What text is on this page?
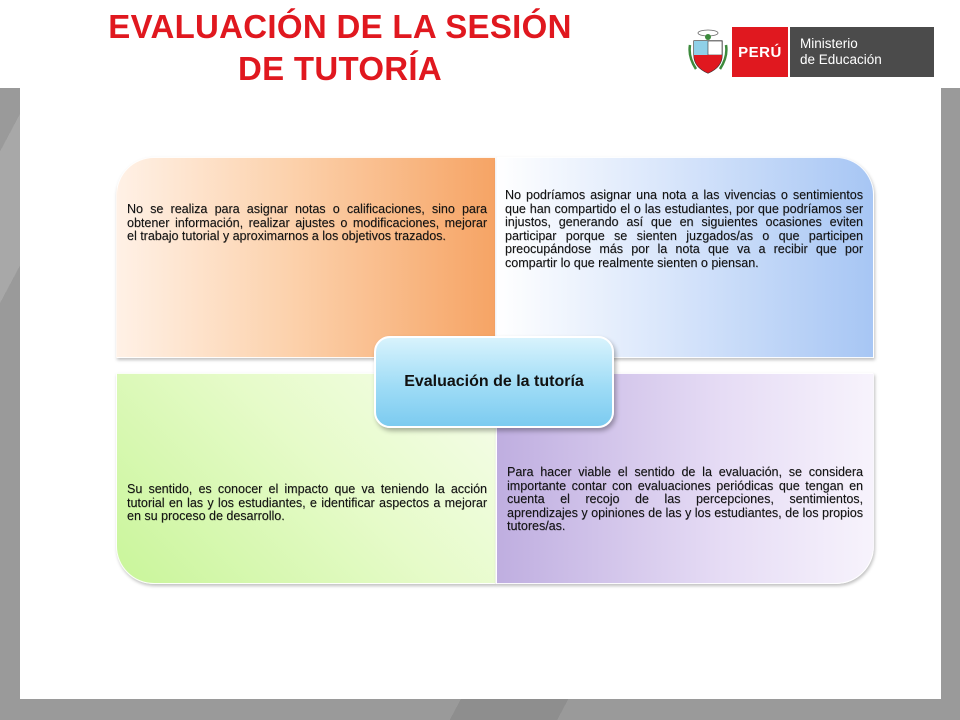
EVALUACIÓN DE LA SESIÓN
DE TUTORÍA	PERÚ	Ministerio
de Educación

No se realiza para asignar notas o calificaciones, sino para obtener información, realizar ajustes o modificaciones, mejorar el trabajo tutorial y aproximarnos a los objetivos trazados.

No podríamos asignar una nota a las vivencias o sentimientos que han compartido el o las estudiantes, por que podríamos ser injustos, generando así que en siguientes ocasiones eviten participar porque se sienten juzgados/as o que participen preocupándose más por la nota que va a recibir que por compartir lo que realmente sienten o piensan.

Su sentido, es conocer el impacto que va teniendo la acción tutorial en las y los estudiantes, e identificar aspectos a mejorar en su proceso de desarrollo.

Para hacer viable el sentido de la evaluación, se considera importante contar con evaluaciones periódicas que tengan en cuenta el recojo de las percepciones, sentimientos, aprendizajes y opiniones de las y los estudiantes, de los propios tutores/as.

Evaluación de la tutoría
